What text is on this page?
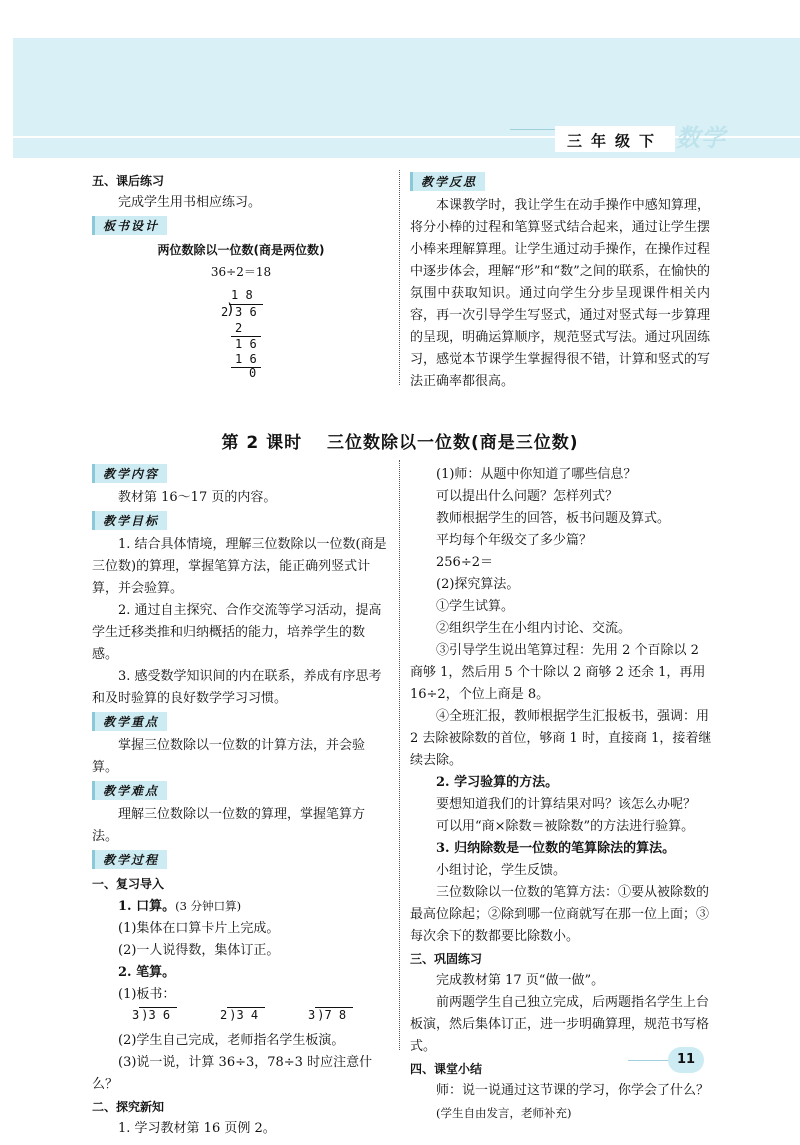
三年级下 数学

五、课后练习

完成学生用书相应练习。

板书设计

两位数除以一位数(商是两位数)

36÷2＝18

1 8
2
) 3 6
2
1 6
1 6
0
教学反思

本课教学时，我让学生在动手操作中感知算理，将分小棒的过程和笔算竖式结合起来，通过让学生摆小棒来理解算理。让学生通过动手操作，在操作过程中逐步体会，理解“形”和“数”之间的联系，在愉快的氛围中获取知识。通过向学生分步呈现课件相关内容，再一次引导学生写竖式，通过对竖式每一步算理的呈现，明确运算顺序，规范竖式写法。通过巩固练习，感觉本节课学生掌握得很不错，计算和竖式的写法正确率都很高。

第 2 课时　 三位数除以一位数(商是三位数)
教学内容

教材第 16～17 页的内容。

教学目标

1. 结合具体情境，理解三位数除以一位数(商是三位数)的算理，掌握笔算方法，能正确列竖式计算，并会验算。

2. 通过自主探究、合作交流等学习活动，提高学生迁移类推和归纳概括的能力，培养学生的数感。

3. 感受数学知识间的内在联系，养成有序思考和及时验算的良好数学学习习惯。

教学重点

掌握三位数除以一位数的计算方法，并会验算。

教学难点

理解三位数除以一位数的算理，掌握笔算方法。

教学过程

一、复习导入

1. 口算。(3 分钟口算)

(1)集体在口算卡片上完成。

(2)一人说得数，集体订正。

2. 笔算。

(1)板书：

3 )3 6	2 )3 4	3 )7 8

(2)学生自己完成，老师指名学生板演。

(3)说一说，计算 36÷3，78÷3 时应注意什么？

二、探究新知

1. 学习教材第 16 页例 2。

(1)师：从题中你知道了哪些信息？

可以提出什么问题？怎样列式？

教师根据学生的回答，板书问题及算式。

平均每个年级交了多少篇？

256÷2＝

(2)探究算法。

①学生试算。

②组织学生在小组内讨论、交流。

③引导学生说出笔算过程：先用 2 个百除以 2 商够 1，然后用 5 个十除以 2 商够 2 还余 1，再用 16÷2，个位上商是 8。

④全班汇报，教师根据学生汇报板书，强调：用 2 去除被除数的首位，够商 1 时，直接商 1，接着继续去除。

2. 学习验算的方法。

要想知道我们的计算结果对吗？该怎么办呢？

可以用“商×除数＝被除数”的方法进行验算。

3. 归纳除数是一位数的笔算除法的算法。

小组讨论，学生反馈。

三位数除以一位数的笔算方法：①要从被除数的最高位除起；②除到哪一位商就写在那一位上面；③每次余下的数都要比除数小。

三、巩固练习

完成教材第 17 页“做一做”。

前两题学生自己独立完成，后两题指名学生上台板演，然后集体订正，进一步明确算理，规范书写格式。

四、课堂小结

师：说一说通过这节课的学习，你学会了什么？

(学生自由发言，老师补充)

11
